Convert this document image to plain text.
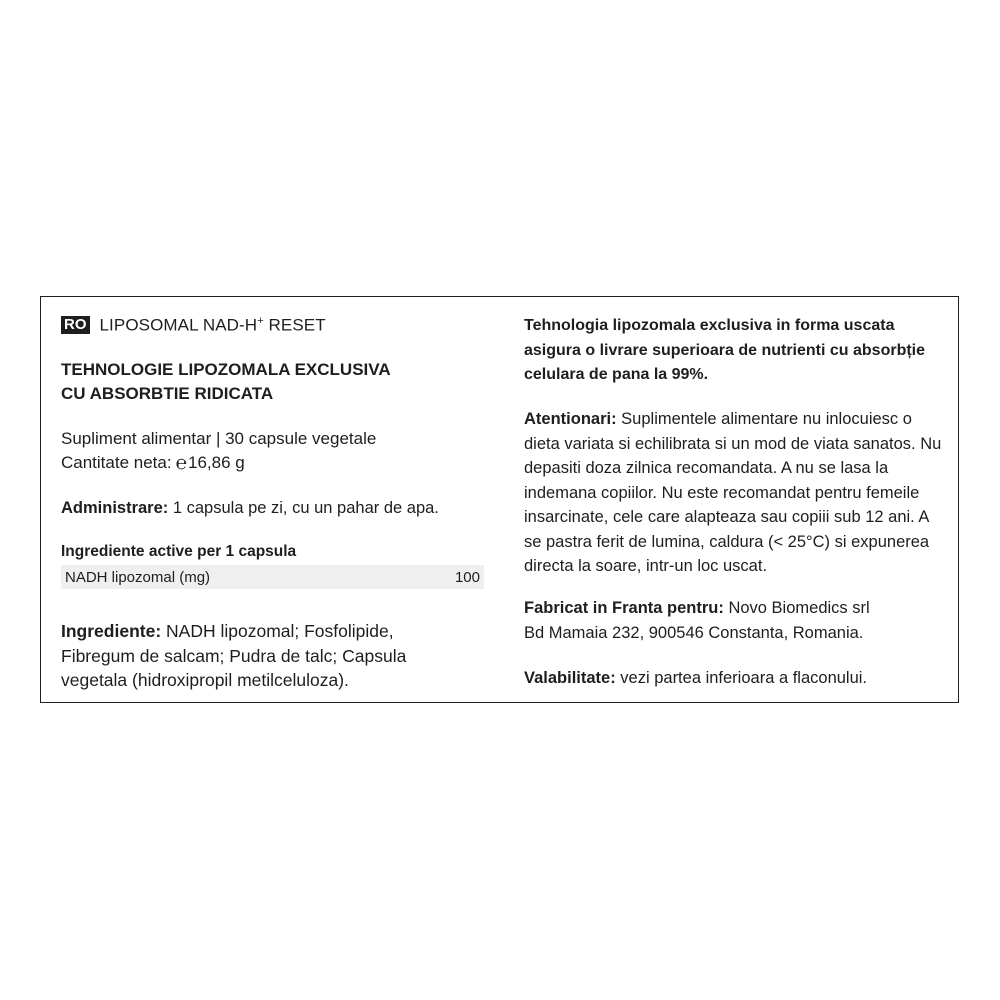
RO LIPOSOMAL NAD-H+ RESET
TEHNOLOGIE LIPOZOMALA EXCLUSIVA
CU ABSORBTIE RIDICATA
Supliment alimentar | 30 capsule vegetale
Cantitate neta: ℮16,86 g
Administrare: 1 capsula pe zi, cu un pahar de apa.
Ingrediente active per 1 capsula
NADH lipozomal (mg)	100
Ingrediente: NADH lipozomal; Fosfolipide, Fibregum de salcam; Pudra de talc; Capsula vegetala (hidroxipropil metilceluloza).
Tehnologia lipozomala exclusiva in forma uscata asigura o livrare superioara de nutrienti cu absorbție celulara de pana la 99%.
Atentionari: Suplimentele alimentare nu inlocuiesc o dieta variata si echilibrata si un mod de viata sanatos. Nu depasiti doza zilnica recomandata. A nu se lasa la indemana copiilor. Nu este recomandat pentru femeile insarcinate, cele care alapteaza sau copiii sub 12 ani. A se pastra ferit de lumina, caldura (< 25°C) si expunerea directa la soare, intr-un loc uscat.
Fabricat in Franta pentru: Novo Biomedics srl
Bd Mamaia 232, 900546 Constanta, Romania.
Valabilitate: vezi partea inferioara a flaconului.
